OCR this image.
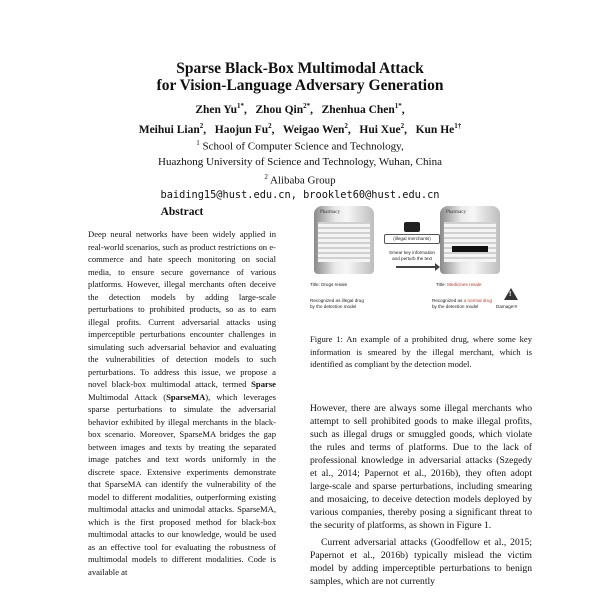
Sparse Black-Box Multimodal Attack
for Vision-Language Adversary Generation
Zhen $Yu^{1*}$,   Zhou Qin$^{2*}$,   Zhenhua Chen$^{1*}$,
Meihui Lian$^2$,   Haojun Fu$^2$,   Weigao Wen$^2$,   Hui Xue$^2$,   Kun $He^{1\dagger}$
$^1$ School of Computer Science and Technology,
Huazhong University of Science and Technology, Wuhan, China
$^2$ Alibaba Group
baiding15@hust.edu.cn, brooklet60@hust.edu.cn
Abstract
Deep neural networks have been widely applied in real-world scenarios, such as product restrictions on e-commerce and hate speech monitoring on social media, to ensure secure governance of various platforms. However, illegal merchants often deceive the detection models by adding large-scale perturbations to prohibited products, so as to earn illegal profits. Current adversarial attacks using imperceptible perturbations encounter challenges in simulating such adversarial behavior and evaluating the vulnerabilities of detection models to such perturbations. To address this issue, we propose a novel black-box multimodal attack, termed Sparse Multimodal Attack (SparseMA), which leverages sparse perturbations to simulate the adversarial behavior exhibited by illegal merchants in the black-box scenario. Moreover, SparseMA bridges the gap between images and texts by treating the separated image patches and text words uniformly in the discrete space. Extensive experiments demonstrate that SparseMA can identify the vulnerability of the model to different modalities, outperforming existing multimodal attacks and unimodal attacks. SparseMA, which is the first proposed method for black-box multimodal attacks to our knowledge, would be used as an effective tool for evaluating the robustness of multimodal models to different modalities. Code is available at
Pharmacy	Pharmacy
(illegal merchants)
Smear key information
and perturb the text
Title: Drugs resale	Title: Medicines resale
Recognized as illegal drug
by the detection model
Recognized as a normal drug
by the detection model
!
Damage!!!
Figure 1: An example of a prohibited drug, where some key information is smeared by the illegal merchant, which is identified as compliant by the detection model.

However, there are always some illegal merchants who attempt to sell prohibited goods to make illegal profits, such as illegal drugs or smuggled goods, which violate the rules and terms of platforms. Due to the lack of professional knowledge in adversarial attacks (Szegedy et al., 2014; Papernot et al., 2016b), they often adopt large-scale and sparse perturbations, including smearing and mosaicing, to deceive detection models deployed by various companies, thereby posing a significant threat to the security of platforms, as shown in Figure 1.

Current adversarial attacks (Goodfellow et al., 2015; Papernot et al., 2016b) typically mislead the victim model by adding imperceptible perturbations to benign samples, which are not currently
